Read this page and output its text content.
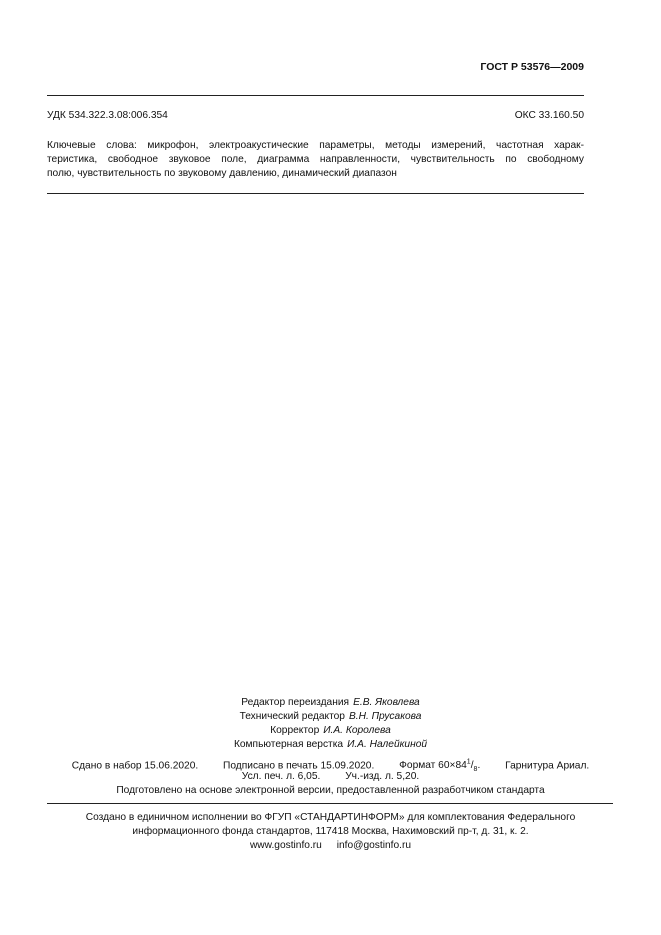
ГОСТ Р 53576—2009
УДК 534.322.3.08:006.354	ОКС 33.160.50
Ключевые слова: микрофон, электроакустические параметры, методы измерений, частотная харак-
теристика, свободное звуковое поле, диаграмма направленности, чувствительность по свободному
полю, чувствительность по звуковому давлению, динамический диапазон
Редактор переиздания Е.В. Яковлева
Технический редактор В.Н. Прусакова
Корректор И.А. Королева
Компьютерная верстка И.А. Налейкиной
Сдано в набор 15.06.2020. Подписано в печать 15.09.2020. Формат $60\times 84^1/_8$. Гарнитура Ариал.
Усл. печ. л. 6,05. Уч.-изд. л. 5,20.
Подготовлено на основе электронной версии, предоставленной разработчиком стандарта
Создано в единичном исполнении во ФГУП «СТАНДАРТИНФОРМ» для комплектования Федерального
информационного фонда стандартов, 117418 Москва, Нахимовский пр-т, д. 31, к. 2.
www.gostinfo.ru info@gostinfo.ru
